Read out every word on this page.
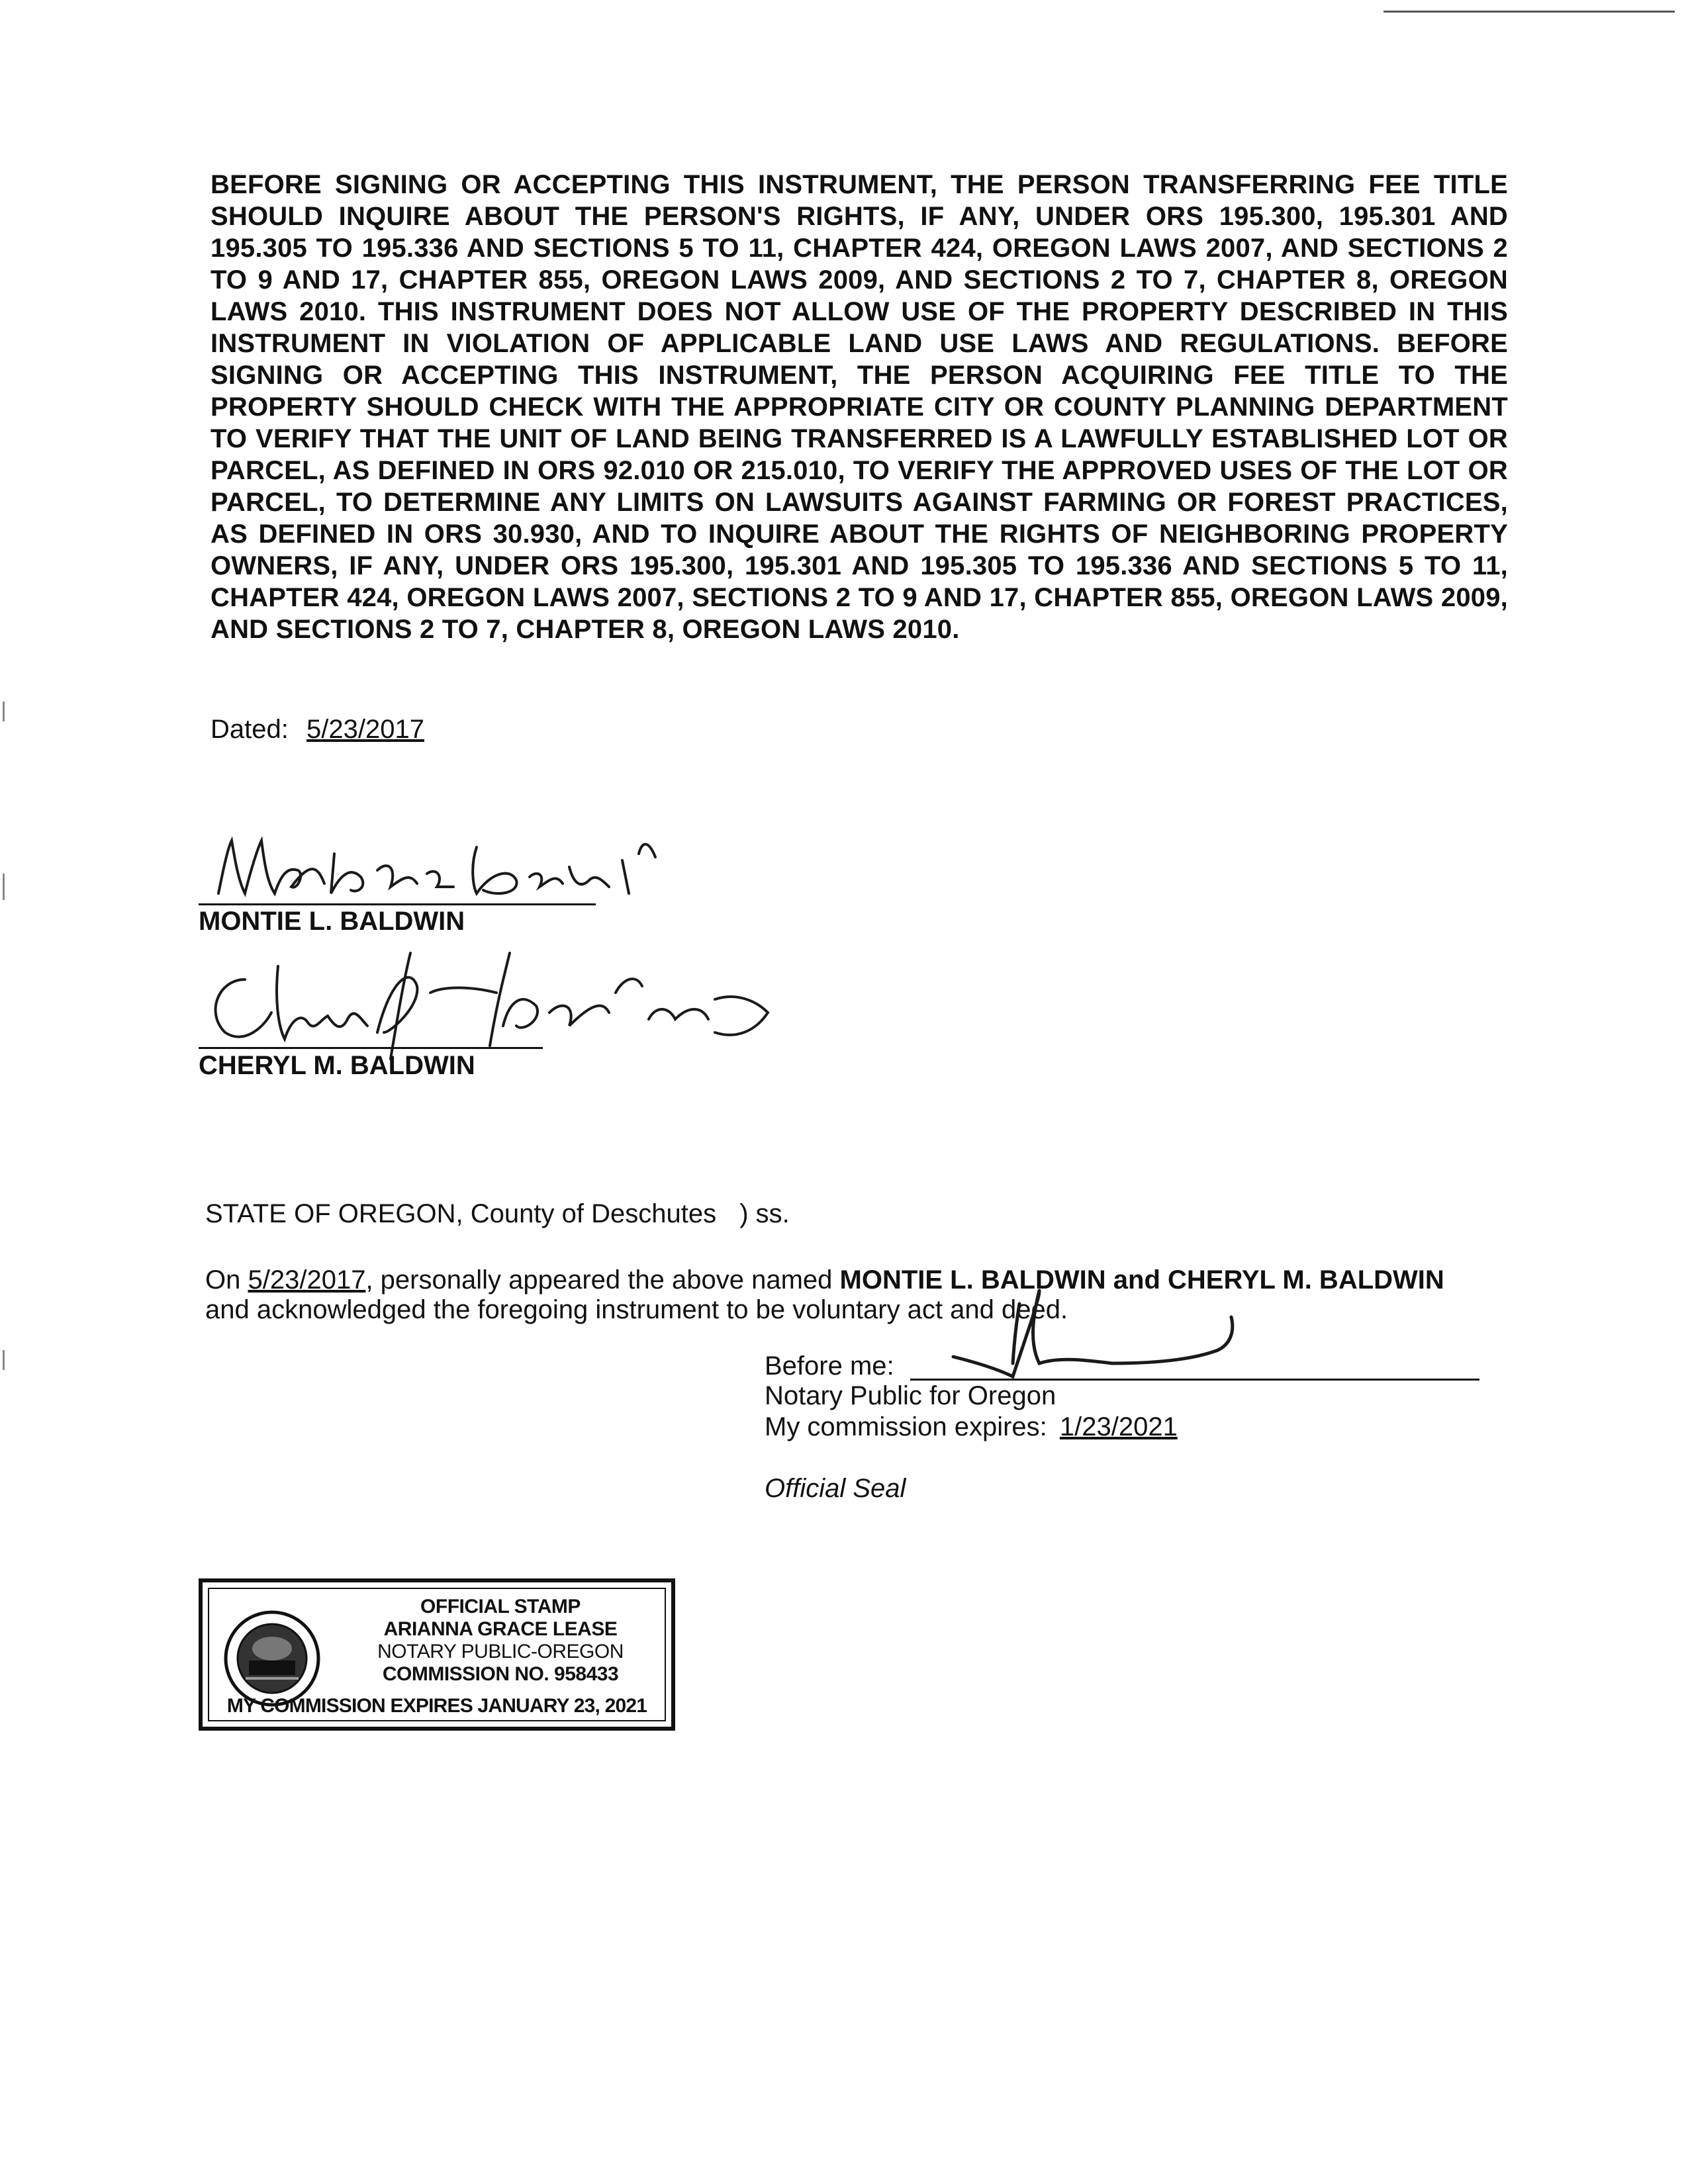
BEFORE SIGNING OR ACCEPTING THIS INSTRUMENT, THE PERSON TRANSFERRING FEE TITLE SHOULD INQUIRE ABOUT THE PERSON'S RIGHTS, IF ANY, UNDER ORS 195.300, 195.301 AND 195.305 TO 195.336 AND SECTIONS 5 TO 11, CHAPTER 424, OREGON LAWS 2007, AND SECTIONS 2 TO 9 AND 17, CHAPTER 855, OREGON LAWS 2009, AND SECTIONS 2 TO 7, CHAPTER 8, OREGON LAWS 2010. THIS INSTRUMENT DOES NOT ALLOW USE OF THE PROPERTY DESCRIBED IN THIS INSTRUMENT IN VIOLATION OF APPLICABLE LAND USE LAWS AND REGULATIONS. BEFORE SIGNING OR ACCEPTING THIS INSTRUMENT, THE PERSON ACQUIRING FEE TITLE TO THE PROPERTY SHOULD CHECK WITH THE APPROPRIATE CITY OR COUNTY PLANNING DEPARTMENT TO VERIFY THAT THE UNIT OF LAND BEING TRANSFERRED IS A LAWFULLY ESTABLISHED LOT OR PARCEL, AS DEFINED IN ORS 92.010 OR 215.010, TO VERIFY THE APPROVED USES OF THE LOT OR PARCEL, TO DETERMINE ANY LIMITS ON LAWSUITS AGAINST FARMING OR FOREST PRACTICES, AS DEFINED IN ORS 30.930, AND TO INQUIRE ABOUT THE RIGHTS OF NEIGHBORING PROPERTY OWNERS, IF ANY, UNDER ORS 195.300, 195.301 AND 195.305 TO 195.336 AND SECTIONS 5 TO 11, CHAPTER 424, OREGON LAWS 2007, SECTIONS 2 TO 9 AND 17, CHAPTER 855, OREGON LAWS 2009, AND SECTIONS 2 TO 7, CHAPTER 8, OREGON LAWS 2010.
Dated: 5/23/2017
MONTIE L. BALDWIN
CHERYL M. BALDWIN
STATE OF OREGON, County of Deschutes ) ss.
On 5/23/2017, personally appeared the above named MONTIE L. BALDWIN and CHERYL M. BALDWIN
and acknowledged the foregoing instrument to be voluntary act and deed.
Before me:
Notary Public for Oregon
My commission expires: 1/23/2021
Official Seal
OFFICIAL STAMP
ARIANNA GRACE LEASE
NOTARY PUBLIC-OREGON
COMMISSION NO. 958433
MY COMMISSION EXPIRES JANUARY 23, 2021
